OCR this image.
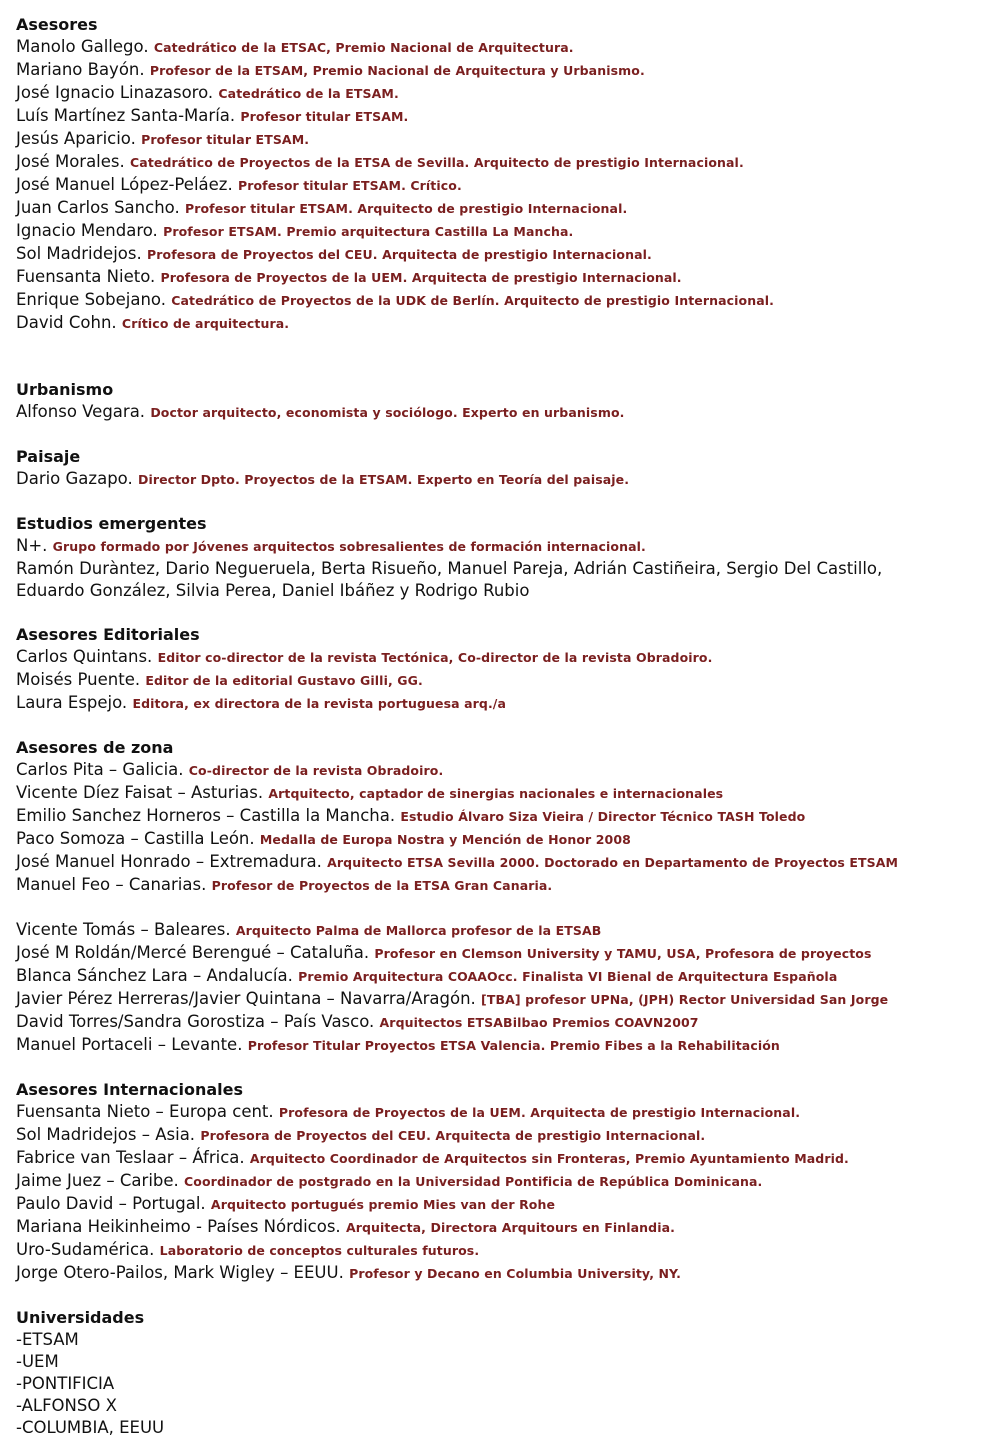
Asesores
Manolo Gallego. Catedrático de la ETSAC, Premio Nacional de Arquitectura.
Mariano Bayón. Profesor de la ETSAM, Premio Nacional de Arquitectura y Urbanismo.
José Ignacio Linazasoro. Catedrático de la ETSAM.
Luís Martínez Santa-María. Profesor titular ETSAM.
Jesús Aparicio. Profesor titular ETSAM.
José Morales. Catedrático de Proyectos de la ETSA de Sevilla. Arquitecto de prestigio Internacional.
José Manuel López-Peláez. Profesor titular ETSAM. Crítico.
Juan Carlos Sancho. Profesor titular ETSAM. Arquitecto de prestigio Internacional.
Ignacio Mendaro. Profesor ETSAM. Premio arquitectura Castilla La Mancha.
Sol Madridejos. Profesora de Proyectos del CEU. Arquitecta de prestigio Internacional.
Fuensanta Nieto. Profesora de Proyectos de la UEM. Arquitecta de prestigio Internacional.
Enrique Sobejano. Catedrático de Proyectos de la UDK de Berlín. Arquitecto de prestigio Internacional.
David Cohn. Crítico de arquitectura.
Urbanismo
Alfonso Vegara. Doctor arquitecto, economista y sociólogo. Experto en urbanismo.
Paisaje
Dario Gazapo. Director Dpto. Proyectos de la ETSAM. Experto en Teoría del paisaje.
Estudios emergentes
N+. Grupo formado por Jóvenes arquitectos sobresalientes de formación internacional.
Ramón Duràntez, Dario Negueruela, Berta Risueño, Manuel Pareja, Adrián Castiñeira, Sergio Del Castillo,
Eduardo González, Silvia Perea, Daniel Ibáñez y Rodrigo Rubio
Asesores Editoriales
Carlos Quintans. Editor co-director de la revista Tectónica, Co-director de la revista Obradoiro.
Moisés Puente. Editor de la editorial Gustavo Gilli, GG.
Laura Espejo. Editora, ex directora de la revista portuguesa arq./a
Asesores de zona
Carlos Pita – Galicia. Co-director de la revista Obradoiro.
Vicente Díez Faisat – Asturias. Artquitecto, captador de sinergias nacionales e internacionales
Emilio Sanchez Horneros – Castilla la Mancha. Estudio Álvaro Siza Vieira / Director Técnico TASH Toledo
Paco Somoza – Castilla León. Medalla de Europa Nostra y Mención de Honor 2008
José Manuel Honrado – Extremadura. Arquitecto ETSA Sevilla 2000. Doctorado en Departamento de Proyectos ETSAM
Manuel Feo – Canarias. Profesor de Proyectos de la ETSA Gran Canaria.
Vicente Tomás – Baleares. Arquitecto Palma de Mallorca profesor de la ETSAB
José M Roldán/Mercé Berengué – Cataluña. Profesor en Clemson University y TAMU, USA, Profesora de proyectos
Blanca Sánchez Lara – Andalucía. Premio Arquitectura COAAOcc. Finalista VI Bienal de Arquitectura Española
Javier Pérez Herreras/Javier Quintana – Navarra/Aragón. [TBA] profesor UPNa, (JPH) Rector Universidad San Jorge
David Torres/Sandra Gorostiza – País Vasco. Arquitectos ETSABilbao Premios COAVN2007
Manuel Portaceli – Levante. Profesor Titular Proyectos ETSA Valencia. Premio Fibes a la Rehabilitación
Asesores Internacionales
Fuensanta Nieto – Europa cent. Profesora de Proyectos de la UEM. Arquitecta de prestigio Internacional.
Sol Madridejos – Asia. Profesora de Proyectos del CEU. Arquitecta de prestigio Internacional.
Fabrice van Teslaar – África. Arquitecto Coordinador de Arquitectos sin Fronteras, Premio Ayuntamiento Madrid.
Jaime Juez – Caribe. Coordinador de postgrado en la Universidad Pontificia de República Dominicana.
Paulo David – Portugal. Arquitecto portugués premio Mies van der Rohe
Mariana Heikinheimo - Países Nórdicos. Arquitecta, Directora Arquitours en Finlandia.
Uro-Sudamérica. Laboratorio de conceptos culturales futuros.
Jorge Otero-Pailos, Mark Wigley – EEUU. Profesor y Decano en Columbia University, NY.
Universidades
-ETSAM
-UEM
-PONTIFICIA
-ALFONSO X
-COLUMBIA, EEUU
